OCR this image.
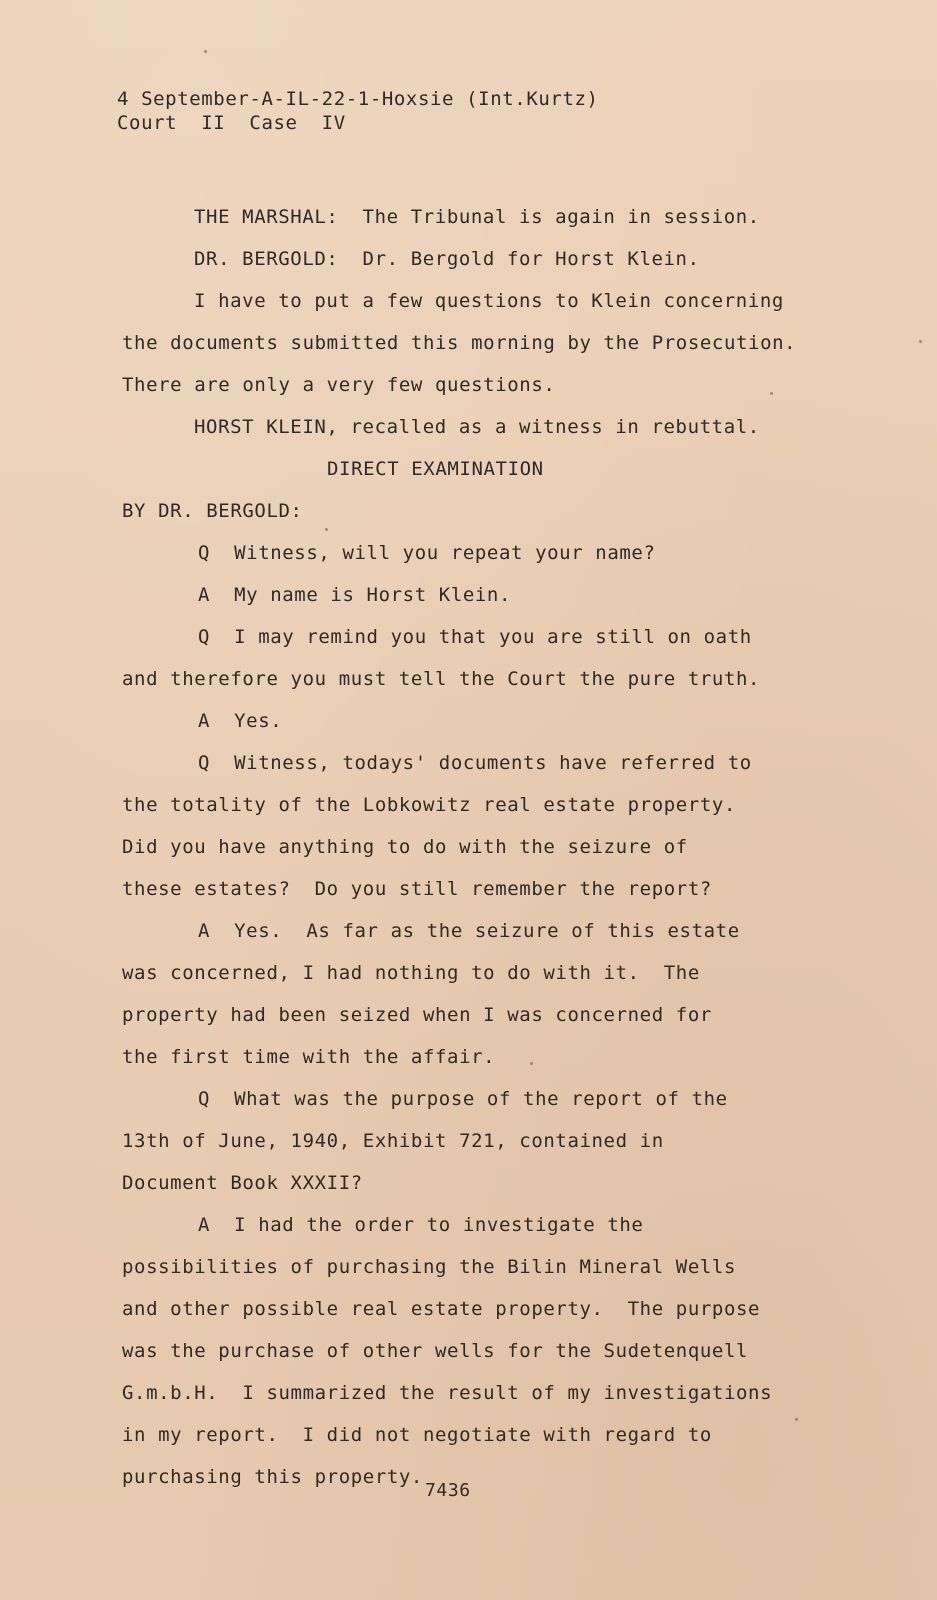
4 September-A-IL-22-1-Hoxsie (Int.Kurtz)
Court  II  Case  IV
THE MARSHAL:  The Tribunal is again in session.
DR. BERGOLD:  Dr. Bergold for Horst Klein.
I have to put a few questions to Klein concerning
the documents submitted this morning by the Prosecution.
There are only a very few questions.
HORST KLEIN, recalled as a witness in rebuttal.
DIRECT EXAMINATION
BY DR. BERGOLD:
Q  Witness, will you repeat your name?
A  My name is Horst Klein.
Q  I may remind you that you are still on oath
and therefore you must tell the Court the pure truth.
A  Yes.
Q  Witness, todays' documents have referred to
the totality of the Lobkowitz real estate property.
Did you have anything to do with the seizure of
these estates?  Do you still remember the report?
A  Yes.  As far as the seizure of this estate
was concerned, I had nothing to do with it.  The
property had been seized when I was concerned for
the first time with the affair.
Q  What was the purpose of the report of the
13th of June, 1940, Exhibit 721, contained in
Document Book XXXII?
A  I had the order to investigate the
possibilities of purchasing the Bilin Mineral Wells
and other possible real estate property.  The purpose
was the purchase of other wells for the Sudetenquell
G.m.b.H.  I summarized the result of my investigations
in my report.  I did not negotiate with regard to
purchasing this property.
7436
